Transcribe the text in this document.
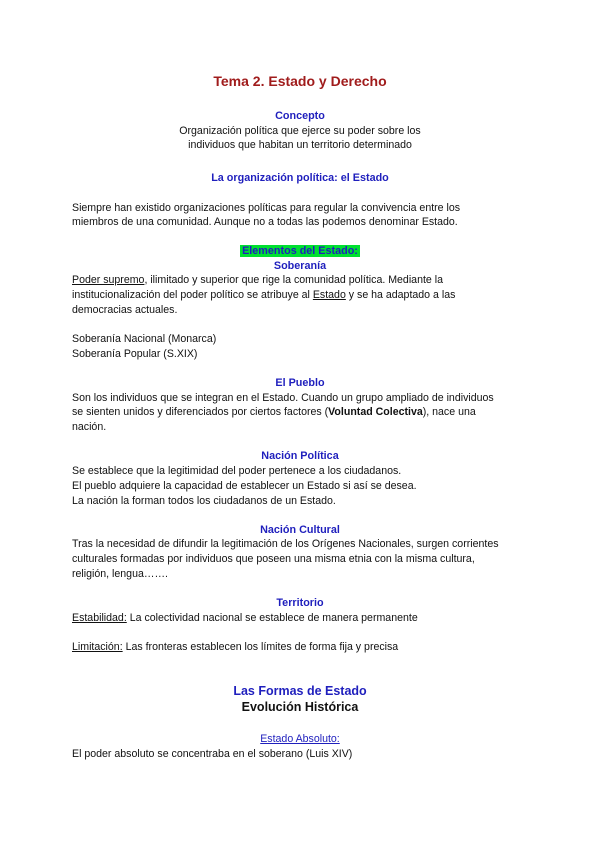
Tema 2. Estado y Derecho
Concepto
Organización política que ejerce su poder sobre los
individuos que habitan un territorio determinado
La organización política: el Estado
Siempre han existido organizaciones políticas para regular la convivencia entre los
miembros de una comunidad. Aunque no a todas las podemos denominar Estado.
Elementos del Estado:
Soberanía
Poder supremo, ilimitado y superior que rige la comunidad política. Mediante la
institucionalización del poder político se atribuye al Estado y se ha adaptado a las
democracias actuales.
Soberanía Nacional (Monarca)
Soberanía Popular (S.XIX)
El Pueblo
Son los individuos que se integran en el Estado. Cuando un grupo ampliado de individuos
se sienten unidos y diferenciados por ciertos factores (Voluntad Colectiva), nace una
nación.
Nación Política
Se establece que la legitimidad del poder pertenece a los ciudadanos.
El pueblo adquiere la capacidad de establecer un Estado si así se desea.
La nación la forman todos los ciudadanos de un Estado.
Nación Cultural
Tras la necesidad de difundir la legitimación de los Orígenes Nacionales, surgen corrientes
culturales formadas por individuos que poseen una misma etnia con la misma cultura,
religión, lengua…….
Territorio
Estabilidad: La colectividad nacional se establece de manera permanente
Limitación: Las fronteras establecen los límites de forma fija y precisa
Las Formas de Estado
Evolución Histórica
Estado Absoluto:
El poder absoluto se concentraba en el soberano (Luis XIV)
